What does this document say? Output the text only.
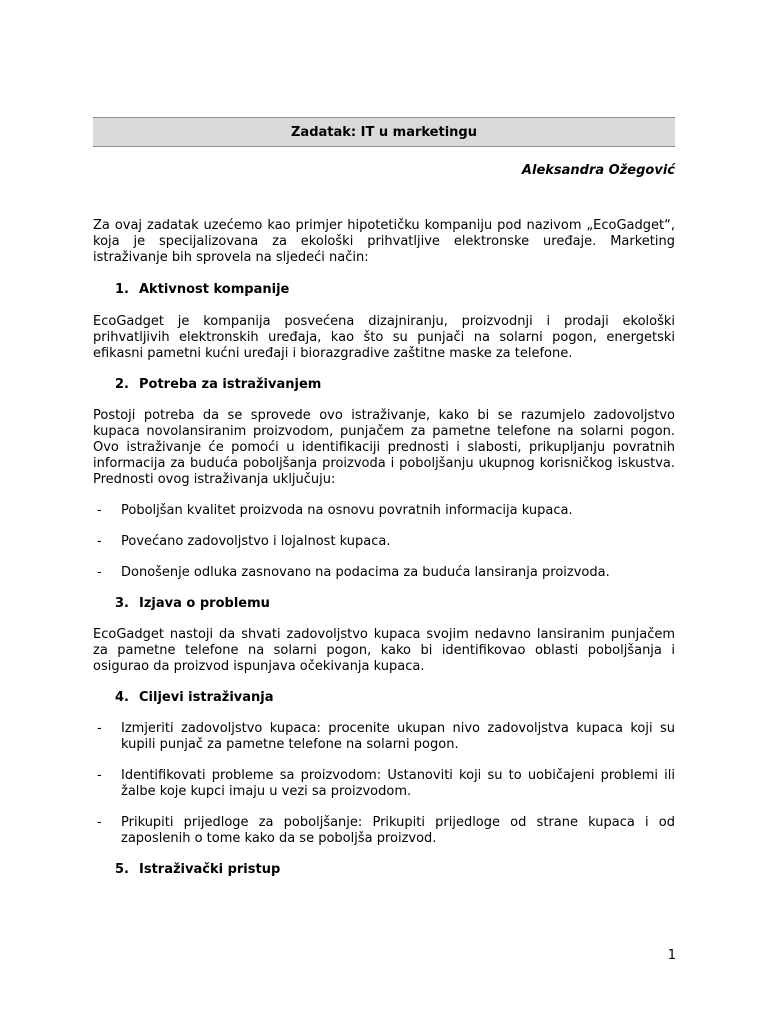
Zadatak: IT u marketingu
Aleksandra Ožegović

Za ovaj zadatak uzećemo kao primjer hipotetičku kompaniju pod nazivom „EcoGadget“, koja je specijalizovana za ekološki prihvatljive elektronske uređaje. Marketing istraživanje bih sprovela na sljedeći način:

1. Aktivnost kompanije

EcoGadget je kompanija posvećena dizajniranju, proizvodnji i prodaji ekološki prihvatljivih elektronskih uređaja, kao što su punjači na solarni pogon, energetski efikasni pametni kućni uređaji i biorazgradive zaštitne maske za telefone.

2. Potreba za istraživanjem

Postoji potreba da se sprovede ovo istraživanje, kako bi se razumjelo zadovoljstvo kupaca novolansiranim proizvodom, punjačem za pametne telefone na solarni pogon. Ovo istraživanje će pomoći u identifikaciji prednosti i slabosti, prikupljanju povratnih informacija za buduća poboljšanja proizvoda i poboljšanju ukupnog korisničkog iskustva. Prednosti ovog istraživanja uključuju:

-	Poboljšan kvalitet proizvoda na osnovu povratnih informacija kupaca.
-	Povećano zadovoljstvo i lojalnost kupaca.
-	Donošenje odluka zasnovano na podacima za buduća lansiranja proizvoda.
3. Izjava o problemu

EcoGadget nastoji da shvati zadovoljstvo kupaca svojim nedavno lansiranim punjačem za pametne telefone na solarni pogon, kako bi identifikovao oblasti poboljšanja i osigurao da proizvod ispunjava očekivanja kupaca.

4. Ciljevi istraživanja
-	Izmjeriti zadovoljstvo kupaca: procenite ukupan nivo zadovoljstva kupaca koji su kupili punjač za pametne telefone na solarni pogon.
-	Identifikovati probleme sa proizvodom: Ustanoviti koji su to uobičajeni problemi ili žalbe koje kupci imaju u vezi sa proizvodom.
-	Prikupiti prijedloge za poboljšanje: Prikupiti prijedloge od strane kupaca i od zaposlenih o tome kako da se poboljša proizvod.
5. Istraživački pristup
1
